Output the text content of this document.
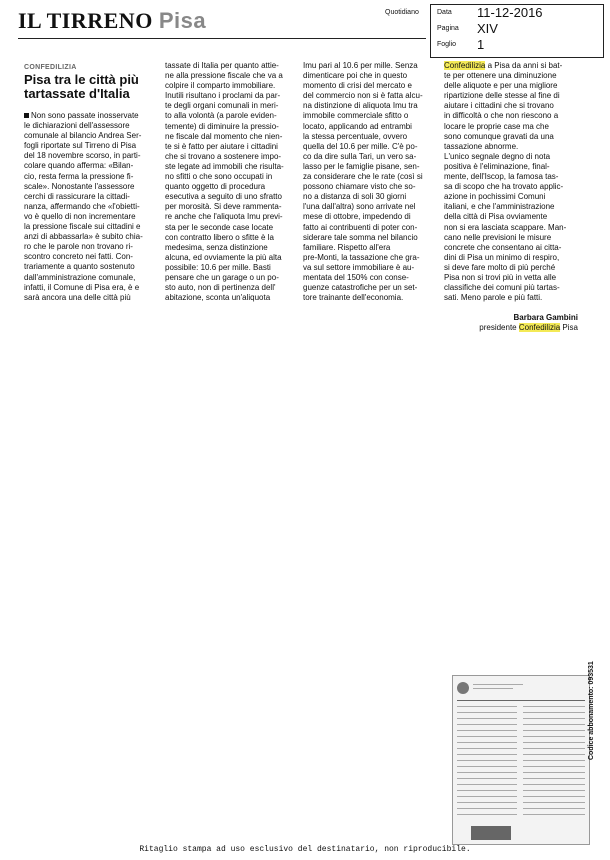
IL TIRRENO Pisa	Quotidiano	Data 11-12-2016
Pagina XIV
Foglio 1
CONFEDILIZIA
Pisa tra le città più tartassate d'Italia
Non sono passate inosservate
le dichiarazioni dell'assessore
comunale al bilancio Andrea Ser-
fogli riportate sul Tirreno di Pisa
del 18 novembre scorso, in parti-
colare quando afferma: «Bilan-
cio, resta ferma la pressione fi-
scale». Nonostante l'assessore
cerchi di rassicurare la cittadi-
nanza, affermando che «l'obietti-
vo è quello di non incrementare
la pressione fiscale sui cittadini e
anzi di abbassarla» è subito chia-
ro che le parole non trovano ri-
scontro concreto nei fatti. Con-
trariamente a quanto sostenuto
dall'amministrazione comunale,
infatti, il Comune di Pisa era, è e
sarà ancora una delle città più
tassate di Italia per quanto attie-
ne alla pressione fiscale che va a
colpire il comparto immobiliare.
Inutili risultano i proclami da par-
te degli organi comunali in meri-
to alla volontà (a parole eviden-
temente) di diminuire la pressio-
ne fiscale dal momento che nien-
te si è fatto per aiutare i cittadini
che si trovano a sostenere impo-
ste legate ad immobili che risulta-
no sfitti o che sono occupati in
quanto oggetto di procedura
esecutiva a seguito di uno sfratto
per morosità. Si deve rammenta-
re anche che l'aliquota Imu previ-
sta per le seconde case locate
con contratto libero o sfitte è la
medesima, senza distinzione
alcuna, ed ovviamente la più alta
possibile: 10.6 per mille. Basti
pensare che un garage o un po-
sto auto, non di pertinenza dell'
abitazione, sconta un'aliquota
Imu pari al 10.6 per mille. Senza
dimenticare poi che in questo
momento di crisi del mercato e
del commercio non si è fatta alcu-
na distinzione di aliquota Imu tra
immobile commerciale sfitto o
locato, applicando ad entrambi
la stessa percentuale, ovvero
quella del 10.6 per mille. C'è po-
co da dire sulla Tari, un vero sa-
lasso per le famiglie pisane, sen-
za considerare che le rate (così si
possono chiamare visto che so-
no a distanza di soli 30 giorni
l'una dall'altra) sono arrivate nel
mese di ottobre, impedendo di
fatto ai contribuenti di poter con-
siderare tale somma nel bilancio
familiare. Rispetto all'era
pre-Monti, la tassazione che gra-
va sul settore immobiliare è au-
mentata del 150% con conse-
guenze catastrofiche per un set-
tore trainante dell'economia.
Confedilizia a Pisa da anni si bat-
te per ottenere una diminuzione
delle aliquote e per una migliore
ripartizione delle stesse al fine di
aiutare i cittadini che si trovano
in difficoltà o che non riescono a
locare le proprie case ma che
sono comunque gravati da una
tassazione abnorme.
L'unico segnale degno di nota
positiva è l'eliminazione, final-
mente, dell'Iscop, la famosa tas-
sa di scopo che ha trovato applic-
azione in pochissimi Comuni
italiani, e che l'amministrazione
della città di Pisa ovviamente
non si era lasciata scappare. Man-
cano nelle previsioni le misure
concrete che consentano ai citta-
dini di Pisa un minimo di respiro,
si deve fare molto di più perché
Pisa non si trovi più in vetta alle
classifiche dei comuni più tartas-
sati. Meno parole e più fatti.
Barbara Gambini
presidente Confedilizia Pisa
Codice abbonamento: 093531
Ritaglio stampa ad uso esclusivo del destinatario, non riproducibile.
